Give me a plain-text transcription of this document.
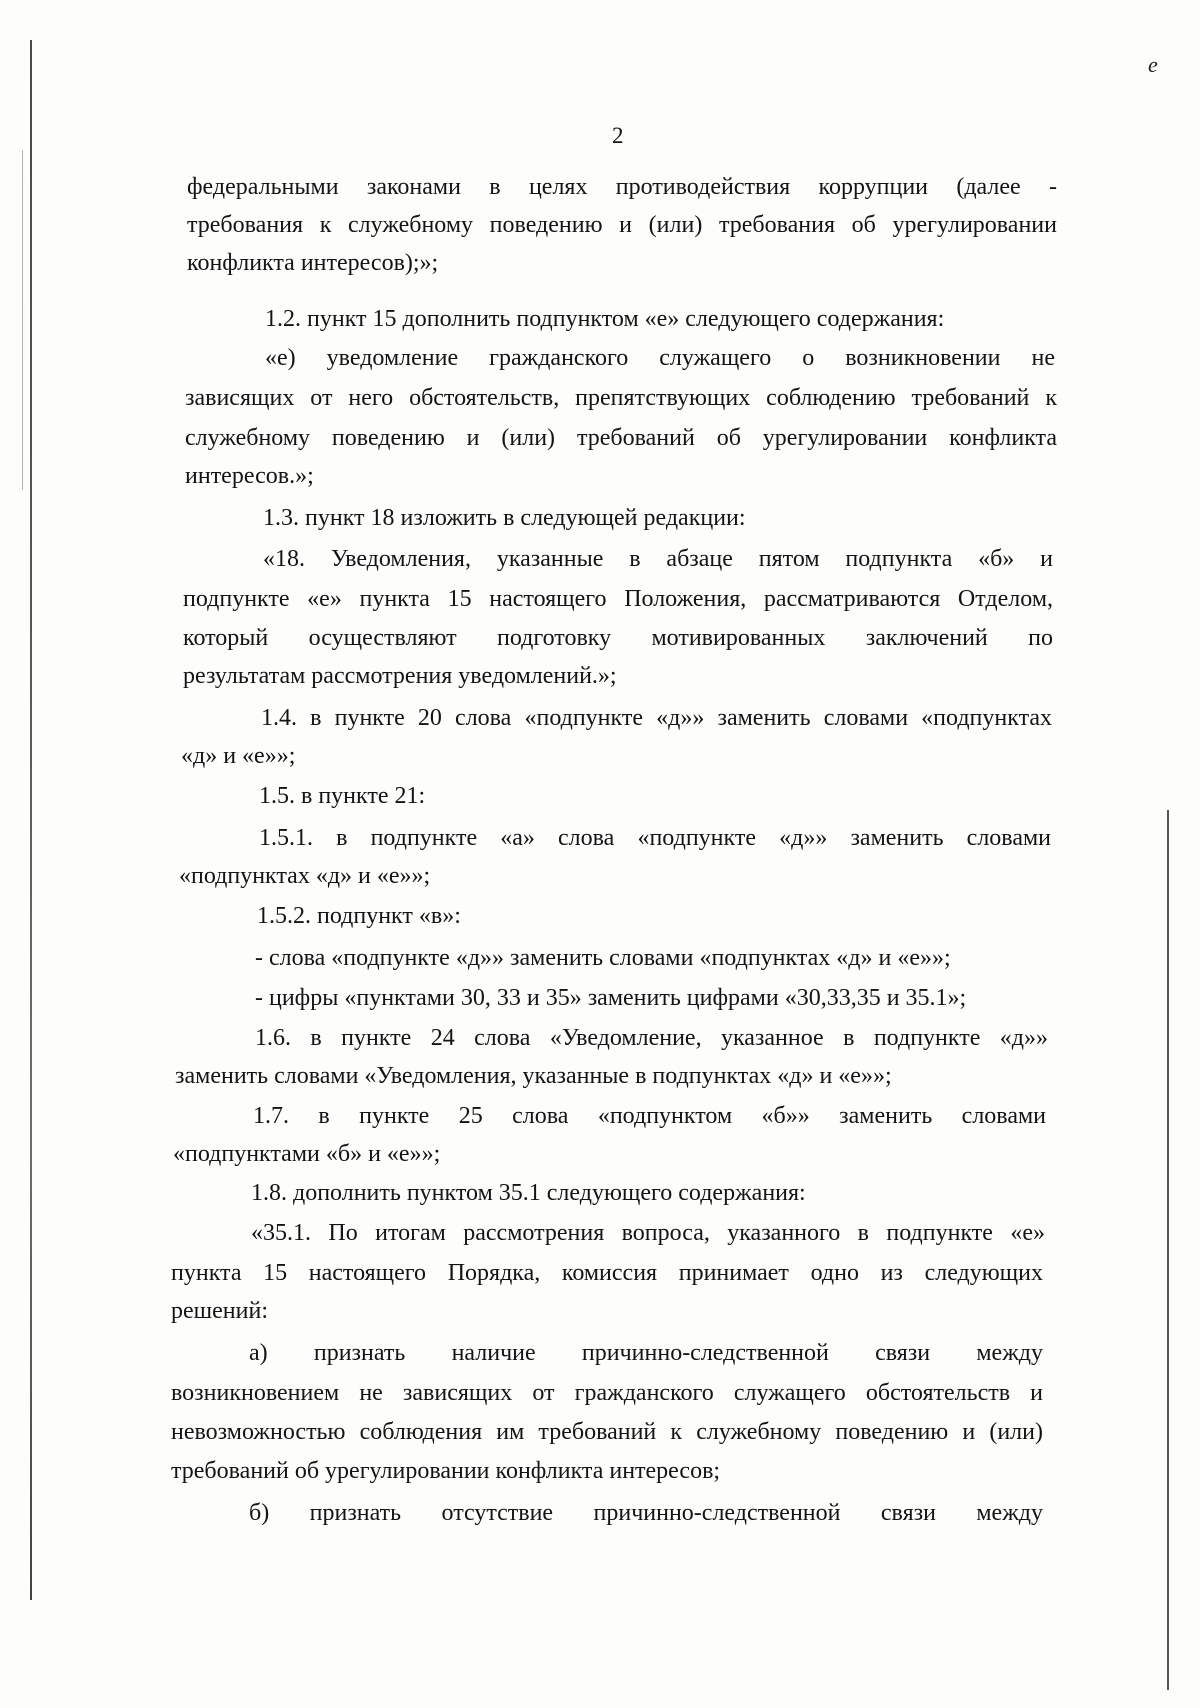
e
2
федеральными законами в целях противодействия коррупции (далее -
требования к служебному поведению и (или) требования об урегулировании
конфликта интересов);»;
1.2. пункт 15 дополнить подпунктом «е» следующего содержания:
«е) уведомление гражданского служащего о возникновении не
зависящих от него обстоятельств, препятствующих соблюдению требований к
служебному поведению и (или) требований об урегулировании конфликта
интересов.»;
1.3. пункт 18 изложить в следующей редакции:
«18. Уведомления, указанные в абзаце пятом подпункта «б» и
подпункте «е» пункта 15 настоящего Положения, рассматриваются Отделом,
который осуществляют подготовку мотивированных заключений по
результатам рассмотрения уведомлений.»;
1.4. в пункте 20 слова «подпункте «д»» заменить словами «подпунктах
«д» и «е»»;
1.5. в пункте 21:
1.5.1. в подпункте «а» слова «подпункте «д»» заменить словами
«подпунктах «д» и «е»»;
1.5.2. подпункт «в»:
- слова «подпункте «д»» заменить словами «подпунктах «д» и «е»»;
- цифры «пунктами 30, 33 и 35» заменить цифрами «30,33,35 и 35.1»;
1.6. в пункте 24 слова «Уведомление, указанное в подпункте «д»»
заменить словами «Уведомления, указанные в подпунктах «д» и «е»»;
1.7. в пункте 25 слова «подпунктом «б»» заменить словами
«подпунктами «б» и «е»»;
1.8. дополнить пунктом 35.1 следующего содержания:
«35.1. По итогам рассмотрения вопроса, указанного в подпункте «е»
пункта 15 настоящего Порядка, комиссия принимает одно из следующих
решений:
а) признать наличие причинно-следственной связи между
возникновением не зависящих от гражданского служащего обстоятельств и
невозможностью соблюдения им требований к служебному поведению и (или)
требований об урегулировании конфликта интересов;
б) признать отсутствие причинно-следственной связи между
